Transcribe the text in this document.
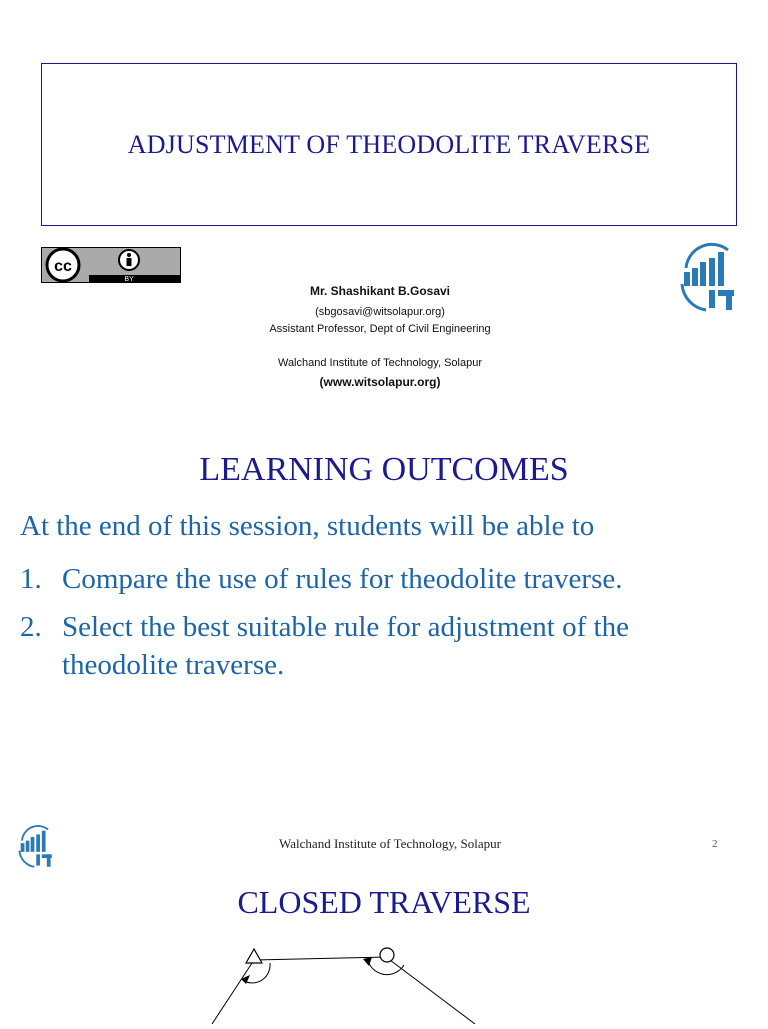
ADJUSTMENT OF THEODOLITE TRAVERSE
cc
BY
Mr. Shashikant B.Gosavi
(sbgosavi@witsolapur.org)
Assistant Professor, Dept of Civil Engineering
Walchand Institute of Technology, Solapur
(www.witsolapur.org)
LEARNING OUTCOMES
At the end of this session, students will be able to
1. Compare the use of rules for theodolite traverse.
2. Select the best suitable rule for adjustment of the theodolite traverse.
Walchand Institute of Technology, Solapur	2
CLOSED TRAVERSE
